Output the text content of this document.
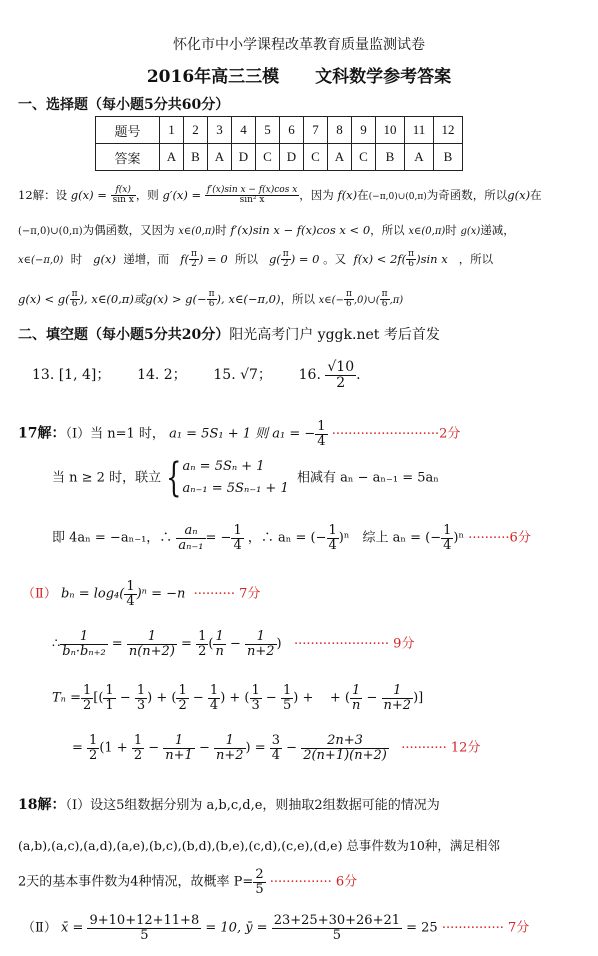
怀化市中小学课程改革教育质量监测试卷
2016年高三三模 文科数学参考答案
一、选择题（每小题5分共60分）
题号	1	2	3	4	5	6	7	8	9	10	11	12
答案	A	B	A	D	C	D	C	A	C	B	A	B
12解：设 $g(x) = \frac{f(x)}{\text{sin x}}$ ，则 $g'(x) = \frac{\text{f′(x)sin x − f(x)cos x}}{\text{sin² x}}$ ，因为 f(x)在(−π,0)∪(0,π)为奇函数，所以g(x)在
(−π,0)∪(0,π)为偶函数，又因为 x∈(0,π)时 f′(x)sin x − f(x)cos x < 0，所以 x∈(0,π)时 g(x)递减，
x∈(−π,0) 时 g(x) 递增，而 $f( \frac{\pi}{2}$ ) = 0 所以 $g( \frac{\pi}{2}$ ) = 0 。又 $f(x) < 2f( \frac{\pi}{6} )\sin$ x ，所以
$g(x) < g( \frac{\pi}{6}$ ), x∈(0,π)或$g(x) > g(- \frac{\pi}{6}$ ), x∈(−π,0)，所以 x∈(− $\frac{\pi}{6}$ ,0)∪( $\frac{\pi}{6} ,\pi$)
二、填空题（每小题5分共20分）阳光高考门户 yggk.net 考后首发
13. [1, 4]； 14. 2； 15. √7； 16. $\frac{√10}{2}$ .
17解：（Ⅰ）当 n=1 时， a₁ = 5S₁ + 1 则 a₁ = − $\frac{1}{4} \cdot\cdot\cdot\cdot\cdot\cdot\cdot\cdot\cdot\cdot\cdot\cdot\cdot\cdot\cdot\cdot\cdot\cdot\cdot\cdot\cdot\cdot\cdot\cdot\cdot\cdot 2$分
当 n ≥ 2 时，联立 { aₙ = 5Sₙ + 1
aₙ₋₁ = 5Sₙ₋₁ + 1
相减有 aₙ − aₙ₋₁ = 5aₙ
即 4aₙ = −aₙ₋₁，∴ $\frac{\text{aₙ}}{\text{aₙ₋₁}}$ = − $\frac{1}{4}$ ，∴ aₙ = (− $\frac{1}{4} )^n$　综上 aₙ = (− $\frac{1}{4} )^n \cdot\cdot\cdot\cdot\cdot\cdot\cdot\cdot\cdot\cdot 6$分
（Ⅱ） $b_n = \log_4( \frac{1}{4} )^n = -n$ ·········· 7分
∴ $\frac{1}{\text{bₙ·bₙ₊₂}} = \frac{1}{n(n+2)} = \frac{1}{2}$ ( $\frac{1}{n} - \frac{1}{n+2}$ )   ······················· 9分
$T_n = \frac{1}{2}$ [( $\frac{1}{1} - \frac{1}{3}$ ) + ( $\frac{1}{2} - \frac{1}{4}$ ) + ( $\frac{1}{3} - \frac{1}{5}$ ) +    + ( $\frac{1}{n} - \frac{1}{n+2}$ )]
= $\frac{1}{2} (1 + \frac{1}{2} - \frac{1}{n+1} - \frac{1}{n+2}$ ) = $\frac{3}{4} - \frac{2n+3}{2(n+1)(n+2)}$ ··········· 12分
18解：（Ⅰ）设这5组数据分别为 a,b,c,d,e，则抽取2组数据可能的情况为
(a,b),(a,c),(a,d),(a,e),(b,c),(b,d),(b,e),(c,d),(c,e),(d,e) 总事件数为10种，满足相邻
2天的基本事件数为4种情况，故概率 $P= \frac{2}{5}$ ··············· 6分
（Ⅱ） x̄ = $\frac{9+10+12+11+8}{5} = 10$, ȳ = $\frac{23+25+30+26+21}{5} = 25$ ··············· 7分
